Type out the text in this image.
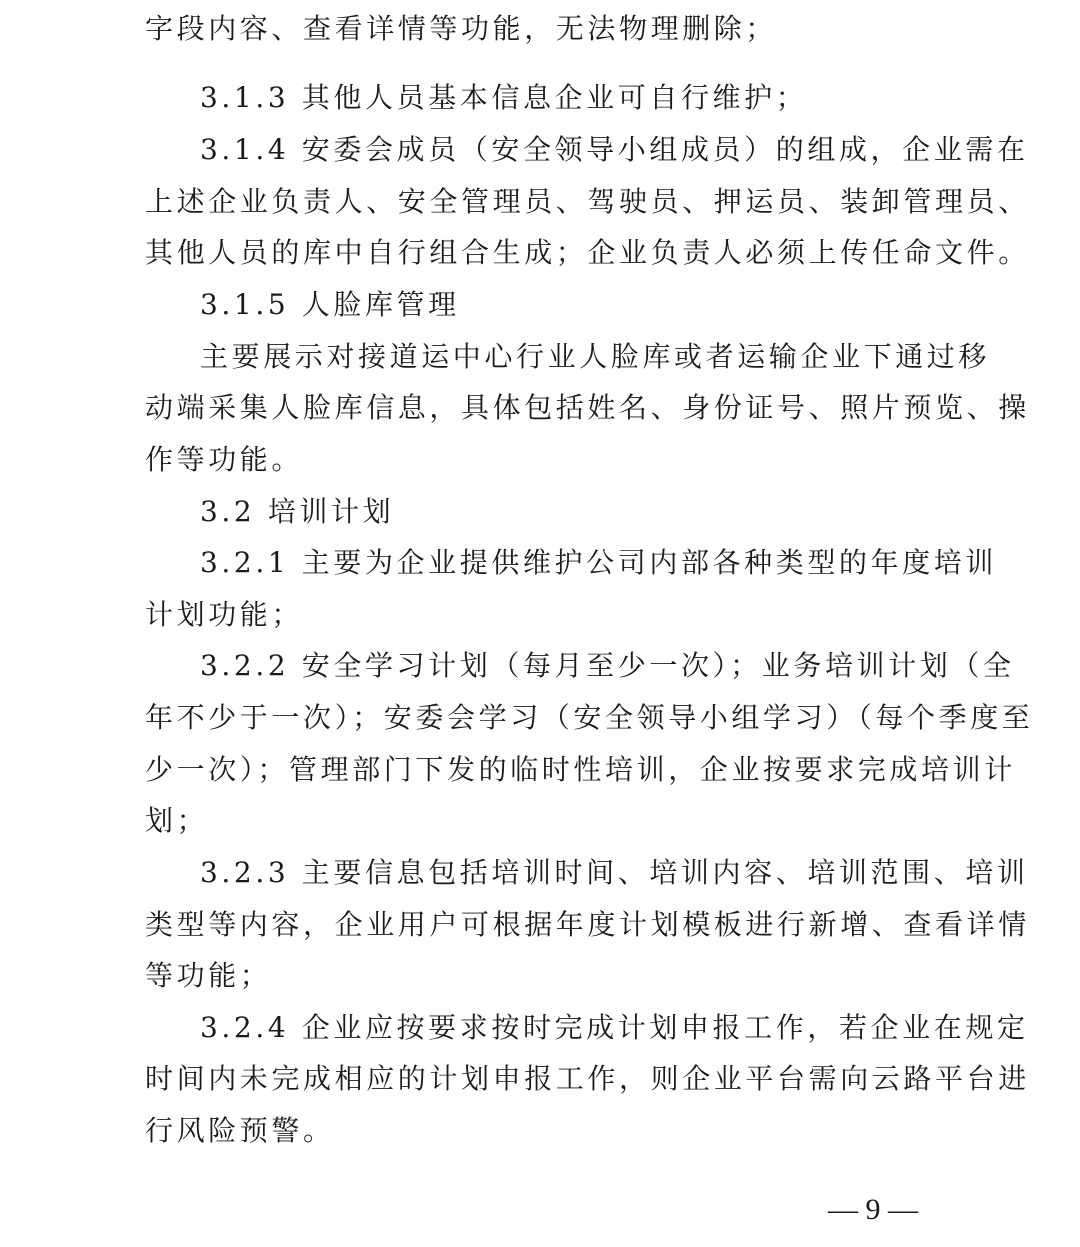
字段内容、查看详情等功能，无法物理删除；
3.1.3 其他人员基本信息企业可自行维护；
3.1.4 安委会成员（安全领导小组成员）的组成，企业需在
上述企业负责人、安全管理员、驾驶员、押运员、装卸管理员、
其他人员的库中自行组合生成；企业负责人必须上传任命文件。
3.1.5 人脸库管理
主要展示对接道运中心行业人脸库或者运输企业下通过移
动端采集人脸库信息，具体包括姓名、身份证号、照片预览、操
作等功能。
3.2 培训计划
3.2.1 主要为企业提供维护公司内部各种类型的年度培训
计划功能；
3.2.2 安全学习计划（每月至少一次）；业务培训计划（全
年不少于一次）；安委会学习（安全领导小组学习）（每个季度至
少一次）；管理部门下发的临时性培训，企业按要求完成培训计
划；
3.2.3 主要信息包括培训时间、培训内容、培训范围、培训
类型等内容，企业用户可根据年度计划模板进行新增、查看详情
等功能；
3.2.4 企业应按要求按时完成计划申报工作，若企业在规定
时间内未完成相应的计划申报工作，则企业平台需向云路平台进
行风险预警。
— 9 —
